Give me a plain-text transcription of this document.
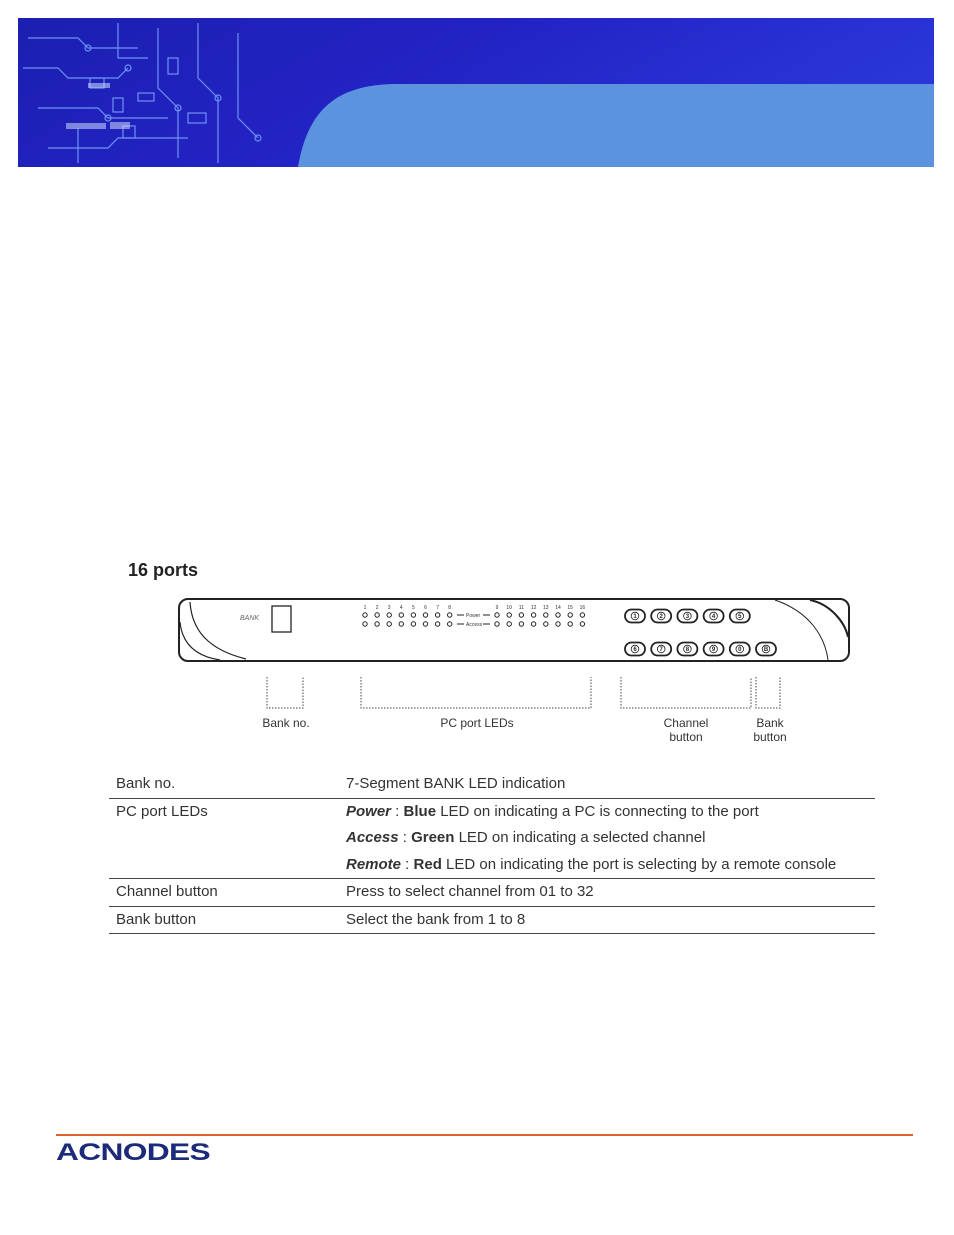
16 ports
BANK
1 2 3 4 5 6 7 8	9 10 11 12 13 14 15 16
Power
Access
1	2	3	4	5
6	7	8	9	0	B
Bank no.	PC port LEDs	Channel
button
Bank
button
Bank no.	7-Segment BANK LED indication

PC port LEDs	Power : Blue LED on indicating a PC is connecting to the port
Access : Green LED on indicating a selected channel
Remote : Red LED on indicating the port is selecting by a remote console

Channel button	Press to select channel from 01 to 32

Bank button	Select the bank from 1 to 8
ACNODES
